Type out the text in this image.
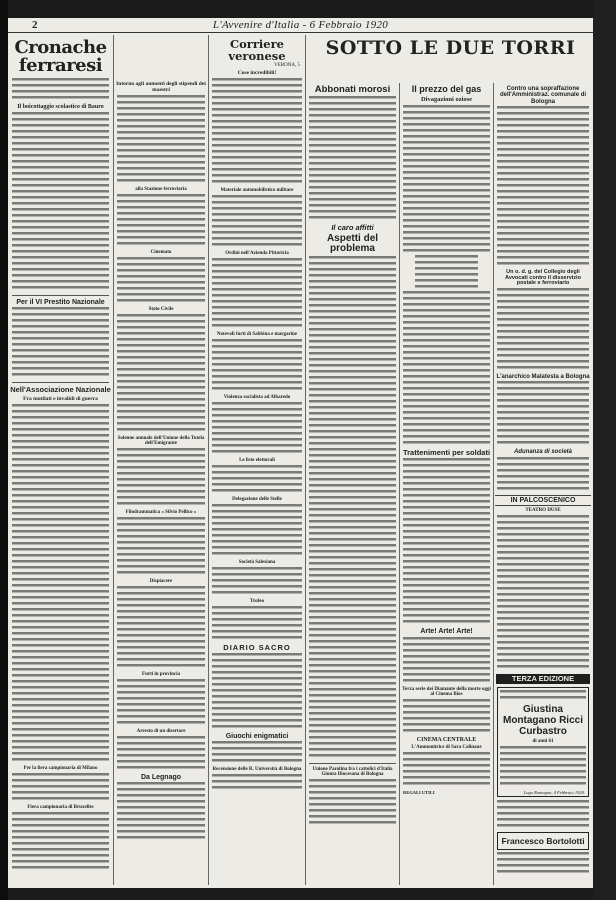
2	L'Avvenire d'Italia - 6 Febbraio 1920
Cronache ferraresi
Il boicottaggio scolastico di Bauro
Per il VI Prestito Nazionale
Nell'Associazione Nazionale
Fra mutilati e invalidi di guerra
Per la fiera campionaria di Milano
Fiera campionaria di Bruxelles
Intorno agli aumenti degli stipendi dei maestri
alla Stazione ferroviaria
Cinemato
Stato Civile
Solenne annuale dell'Unione della Tutela dell'Emigrante
Filodrammatica « Silvio Pellico »
Dispiacere
Furti in provincia
Arresto di un disertore
Da Legnago
Corriere veronese
VERONA, 5
Cose incredibili!
Materiale automobilistico militare
Ordini nell'Azienda Pittoricia
Notevoli furti di Sabbina e margarine
Violenza socialista ad Albaredo
Le liste elettorali
Delegazione delle Stelle
Società Salesiana
Trofeo
DIARIO SACRO
Giuochi enigmatici
Recensione delle R. Università di Bologna
SOTTO LE DUE TORRI
Abbonati morosi
Il caro affitti
Aspetti del problema
Unione Parolina fra i cattolici d'Italia Giunta Diocesana di Bologna
Il prezzo del gas
Divagazioni oziose
Trattenimenti per soldati
Arte! Arte! Arte!
Terza serie dei Diamante della morte oggi al Cinema Bios
CINEMA CENTRALE
L'Ammonitrice di Sara Calinaue
REGALI UTILI
Contro una sopraffazione dell'Amministraz. comunale di Bologna
Un o. d. g. del Collegio degli Avvocati contro il disservizio postale e ferroviario
L'anarchico Malatesta a Bologna
Adunanza di società
IN PALCOSCENICO
TEATRO DUSE
TERZA EDIZIONE
Giustina Montagano Ricci Curbastro
di anni 61
Lugo Romagna, 4 Febbraio 1920.
Francesco Bortolotti
